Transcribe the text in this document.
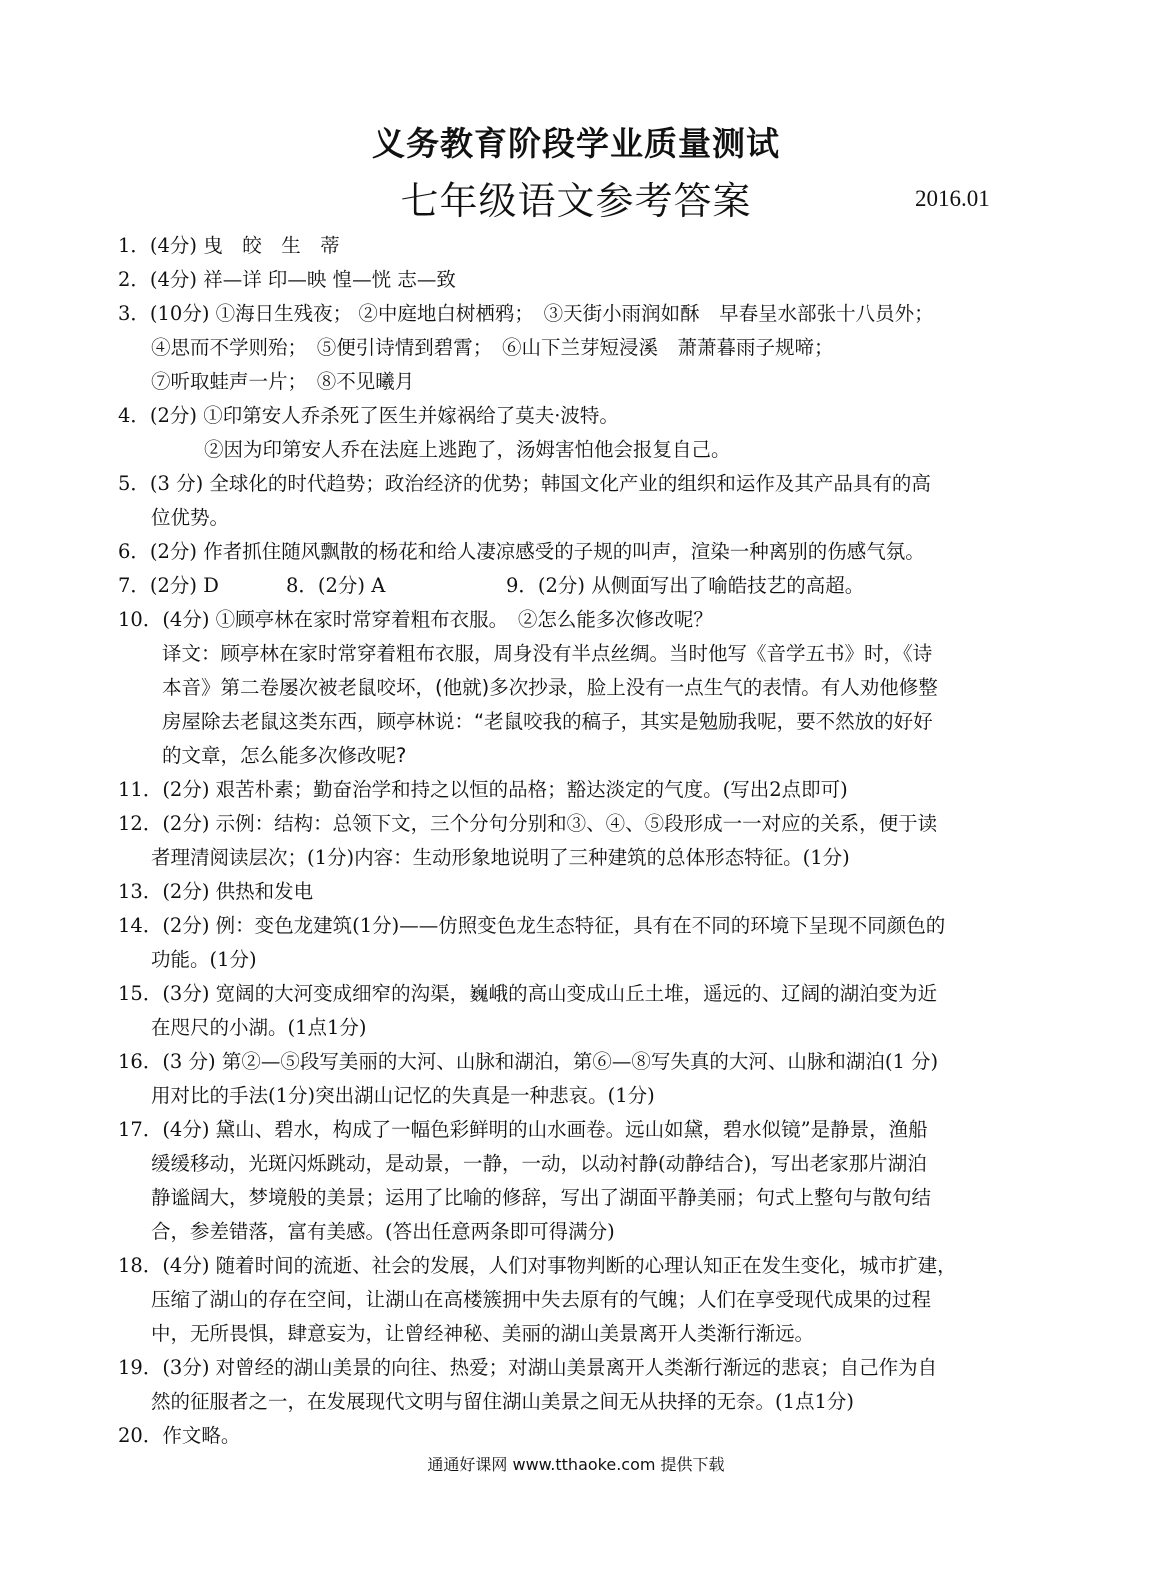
义务教育阶段学业质量测试
七年级语文参考答案	2016.01
1．(4分) 曳　皎　生　蒂
2．(4分) 祥—详 印—映 惶—恍 志—致
3．(10分) ①海日生残夜； ②中庭地白树栖鸦；　③天街小雨润如酥　早春呈水部张十八员外；
④思而不学则殆；　⑤便引诗情到碧霄；　⑥山下兰芽短浸溪　萧萧暮雨子规啼；
⑦听取蛙声一片；　⑧不见曦月
4．(2分) ①印第安人乔杀死了医生并嫁祸给了莫夫·波特。
②因为印第安人乔在法庭上逃跑了，汤姆害怕他会报复自己。
5．(3 分) 全球化的时代趋势；政治经济的优势；韩国文化产业的组织和运作及其产品具有的高
位优势。
6．(2分) 作者抓住随风飘散的杨花和给人凄凉感受的子规的叫声，渲染一种离别的伤感气氛。
7．(2分) D	8．(2分) A	9．(2分) 从侧面写出了喻皓技艺的高超。
10．(4分) ①顾亭林在家时常穿着粗布衣服。　②怎么能多次修改呢？
译文：顾亭林在家时常穿着粗布衣服，周身没有半点丝绸。当时他写《音学五书》时，《诗
本音》第二卷屡次被老鼠咬坏，(他就)多次抄录，脸上没有一点生气的表情。有人劝他修整
房屋除去老鼠这类东西，顾亭林说：“老鼠咬我的稿子，其实是勉励我呢，要不然放的好好
的文章，怎么能多次修改呢?
11．(2分) 艰苦朴素；勤奋治学和持之以恒的品格；豁达淡定的气度。(写出2点即可)
12．(2分) 示例：结构：总领下文，三个分句分别和③、④、⑤段形成一一对应的关系，便于读
者理清阅读层次；(1分)内容：生动形象地说明了三种建筑的总体形态特征。(1分)
13．(2分) 供热和发电
14．(2分) 例：变色龙建筑(1分)——仿照变色龙生态特征，具有在不同的环境下呈现不同颜色的
功能。(1分)
15．(3分) 宽阔的大河变成细窄的沟渠，巍峨的高山变成山丘土堆，遥远的、辽阔的湖泊变为近
在咫尺的小湖。(1点1分)
16．(3 分) 第②—⑤段写美丽的大河、山脉和湖泊，第⑥—⑧写失真的大河、山脉和湖泊(1 分)
用对比的手法(1分)突出湖山记忆的失真是一种悲哀。(1分)
17．(4分) 黛山、碧水，构成了一幅色彩鲜明的山水画卷。远山如黛，碧水似镜”是静景，渔船
缓缓移动，光斑闪烁跳动，是动景，一静，一动，以动衬静(动静结合)，写出老家那片湖泊
静谧阔大，梦境般的美景；运用了比喻的修辞，写出了湖面平静美丽；句式上整句与散句结
合，参差错落，富有美感。(答出任意两条即可得满分)
18．(4分) 随着时间的流逝、社会的发展，人们对事物判断的心理认知正在发生变化，城市扩建，
压缩了湖山的存在空间，让湖山在高楼簇拥中失去原有的气魄；人们在享受现代成果的过程
中，无所畏惧，肆意妄为，让曾经神秘、美丽的湖山美景离开人类渐行渐远。
19．(3分) 对曾经的湖山美景的向往、热爱；对湖山美景离开人类渐行渐远的悲哀；自己作为自
然的征服者之一，在发展现代文明与留住湖山美景之间无从抉择的无奈。(1点1分)
20．作文略。
通通好课网 www.tthaoke.com 提供下载
